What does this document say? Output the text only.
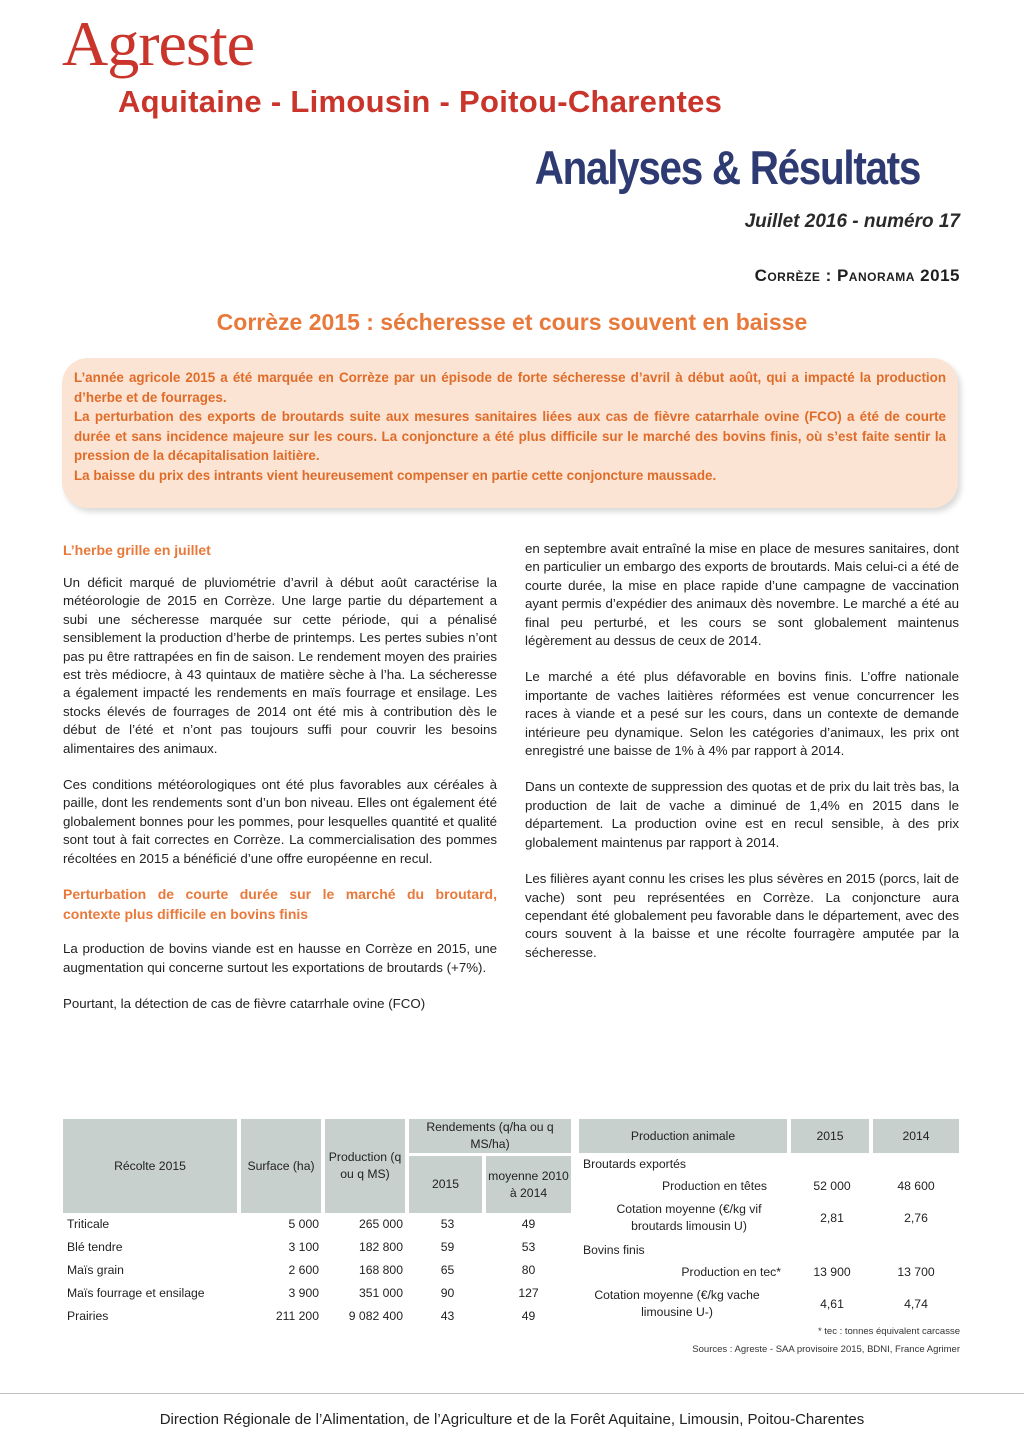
Agreste
Aquitaine - Limousin - Poitou-Charentes
Analyses & Résultats
Juillet 2016 - numéro 17
Corrèze : Panorama 2015
Corrèze 2015 : sécheresse et cours souvent en baisse

L’année agricole 2015 a été marquée en Corrèze par un épisode de forte sécheresse d’avril à début août, qui a impacté la production d’herbe et de fourrages.

La perturbation des exports de broutards suite aux mesures sanitaires liées aux cas de fièvre catarrhale ovine (FCO) a été de courte durée et sans incidence majeure sur les cours. La conjoncture a été plus difficile sur le marché des bovins finis, où s’est faite sentir la pression de la décapitalisation laitière.

La baisse du prix des intrants vient heureusement compenser en partie cette conjoncture maussade.

L’herbe grille en juillet

Un déficit marqué de pluviométrie d’avril à début août caractérise la météorologie de 2015 en Corrèze. Une large partie du département a subi une sécheresse marquée sur cette période, qui a pénalisé sensiblement la production d’herbe de printemps. Les pertes subies n’ont pas pu être rattrapées en fin de saison. Le rendement moyen des prairies est très médiocre, à 43 quintaux de matière sèche à l’ha. La sécheresse a également impacté les rendements en maïs fourrage et ensilage. Les stocks élevés de fourrages de 2014 ont été mis à contribution dès le début de l’été et n’ont pas toujours suffi pour couvrir les besoins alimentaires des animaux.

Ces conditions météorologiques ont été plus favorables aux céréales à paille, dont les rendements sont d’un bon niveau. Elles ont également été globalement bonnes pour les pommes, pour lesquelles quantité et qualité sont tout à fait correctes en Corrèze. La commercialisation des pommes récoltées en 2015 a bénéficié d’une offre européenne en recul.

Perturbation de courte durée sur le marché du broutard, contexte plus difficile en bovins finis

La production de bovins viande est en hausse en Corrèze en 2015, une augmentation qui concerne surtout les exportations de broutards (+7%).

Pourtant, la détection de cas de fièvre catarrhale ovine (FCO)

en septembre avait entraîné la mise en place de mesures sanitaires, dont en particulier un embargo des exports de broutards. Mais celui-ci a été de courte durée, la mise en place rapide d’une campagne de vaccination ayant permis d’expédier des animaux dès novembre. Le marché a été au final peu perturbé, et les cours se sont globalement maintenus légèrement au dessus de ceux de 2014.

Le marché a été plus défavorable en bovins finis. L’offre nationale importante de vaches laitières réformées est venue concurrencer les races à viande et a pesé sur les cours, dans un contexte de demande intérieure peu dynamique. Selon les catégories d’animaux, les prix ont enregistré une baisse de 1% à 4% par rapport à 2014.

Dans un contexte de suppression des quotas et de prix du lait très bas, la production de lait de vache a diminué de 1,4% en 2015 dans le département. La production ovine est en recul sensible, à des prix globalement maintenus par rapport à 2014.

Les filières ayant connu les crises les plus sévères en 2015 (porcs, lait de vache) sont peu représentées en Corrèze. La conjoncture aura cependant été globalement peu favorable dans le département, avec des cours souvent à la baisse et une récolte fourragère amputée par la sécheresse.

Récolte 2015	Surface (ha)	Production (q ou q MS)	Rendements (q/ha ou q MS/ha)	
			2015	moyenne 2010 à 2014
Triticale	5 000	265 000	53	49
Blé tendre	3 100	182 800	59	53
Maïs grain	2 600	168 800	65	80
Maïs fourrage et ensilage	3 900	351 000	90	127
Prairies	211 200	9 082 400	43	49
Production animale	2015	2014
Broutards exportés		
Production en têtes	52 000	48 600
Cotation moyenne (€/kg vif broutards limousin U)	2,81	2,76
Bovins finis		
Production en tec*	13 900	13 700
Cotation moyenne (€/kg vache limousine U-)	4,61	4,74
* tec : tonnes équivalent carcasse
Sources : Agreste - SAA provisoire 2015, BDNI, France Agrimer
Direction Régionale de l’Alimentation, de l’Agriculture et de la Forêt Aquitaine, Limousin, Poitou-Charentes
